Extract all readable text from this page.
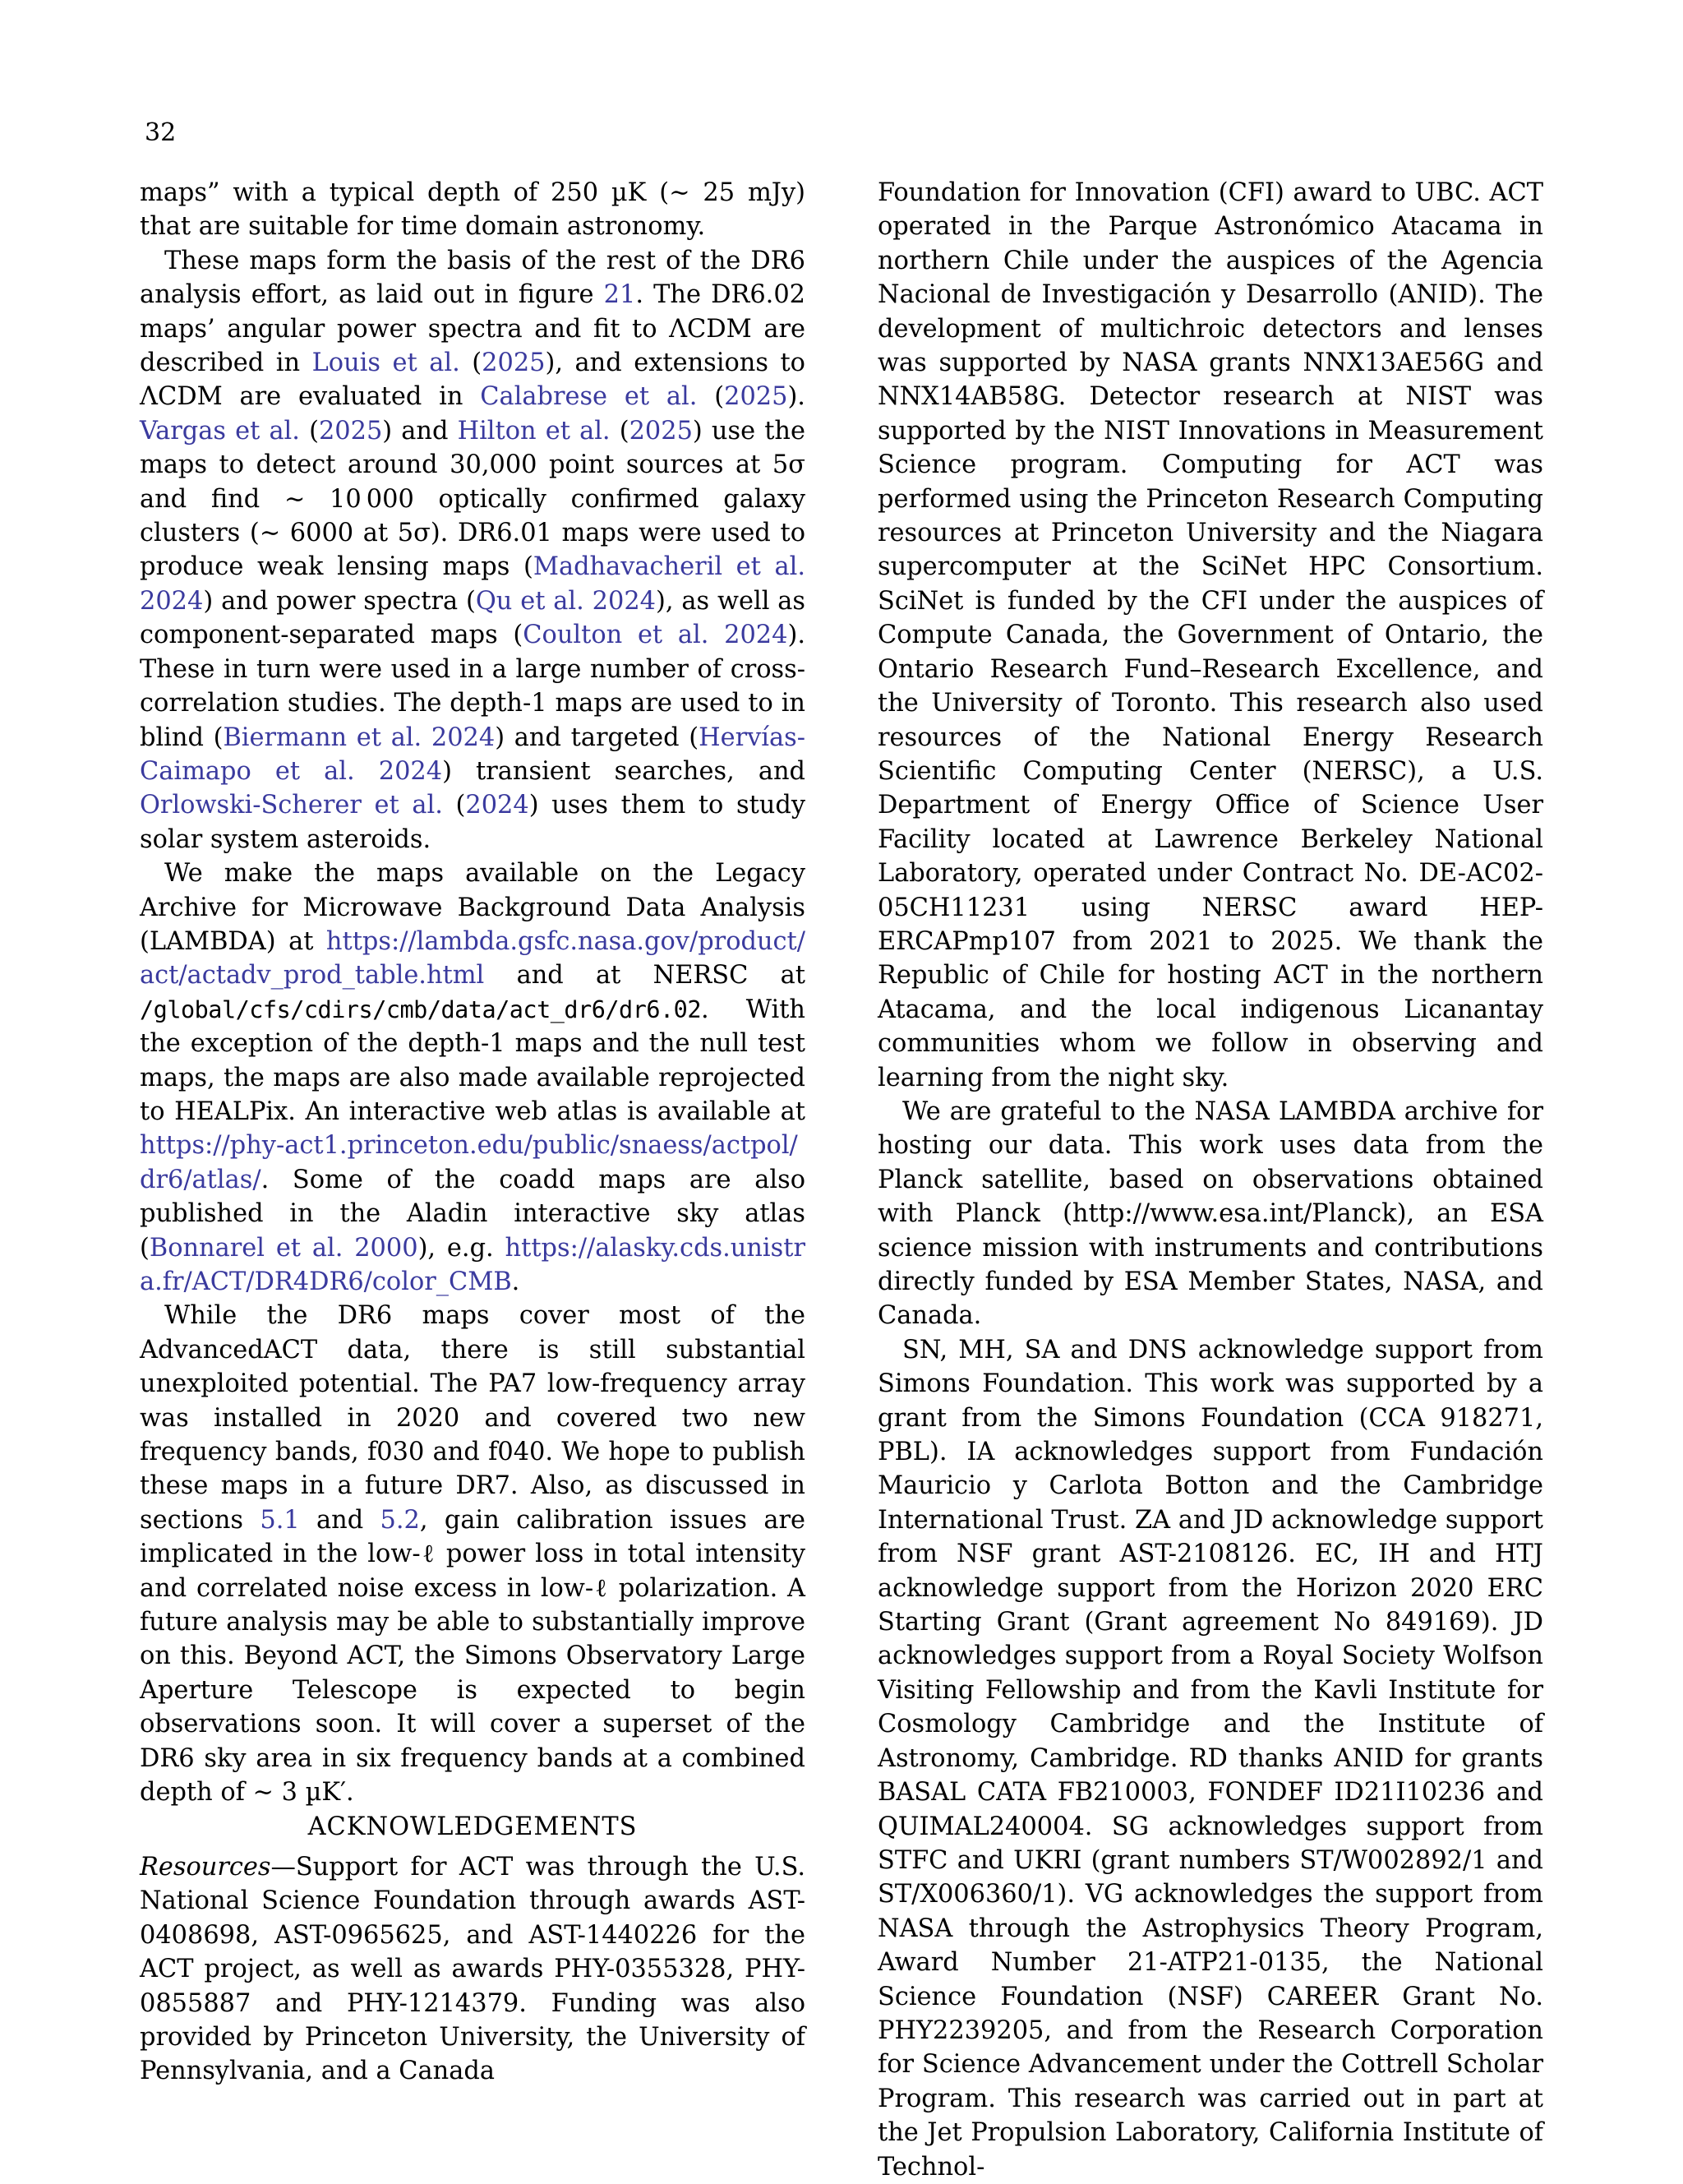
32

maps” with a typical depth of 250 µK (∼ 25 mJy) that are suitable for time domain astronomy.

These maps form the basis of the rest of the DR6 analysis effort, as laid out in figure 21. The DR6.02 maps’ angular power spectra and fit to ΛCDM are described in Louis et al. (2025), and extensions to ΛCDM are evaluated in Calabrese et al. (2025). Vargas et al. (2025) and Hilton et al. (2025) use the maps to detect around 30,000 point sources at 5σ and find ∼ 10 000 optically confirmed galaxy clusters (∼ 6000 at 5σ). DR6.01 maps were used to produce weak lensing maps (Madhavacheril et al. 2024) and power spectra (Qu et al. 2024), as well as component-separated maps (Coulton et al. 2024). These in turn were used in a large number of cross-correlation studies. The depth-1 maps are used to in blind (Biermann et al. 2024) and targeted (Hervías-Caimapo et al. 2024) transient searches, and Orlowski-Scherer et al. (2024) uses them to study solar system asteroids.

We make the maps available on the Legacy Archive for Microwave Background Data Analysis (LAMBDA) at https://lambda.gsfc.nasa.gov/product/act/actadv_prod_table.html and at NERSC at /global/cfs/cdirs/cmb/data/act_dr6/dr6.02. With the exception of the depth-1 maps and the null test maps, the maps are also made available reprojected to HEALPix. An interactive web atlas is available at https://phy-act1.princeton.edu/public/snaess/actpol/dr6/atlas/. Some of the coadd maps are also published in the Aladin interactive sky atlas (Bonnarel et al. 2000), e.g. https://alasky.cds.unistra.fr/ACT/DR4DR6/color_CMB.

While the DR6 maps cover most of the AdvancedACT data, there is still substantial unexploited potential. The PA7 low-frequency array was installed in 2020 and covered two new frequency bands, f030 and f040. We hope to publish these maps in a future DR7. Also, as discussed in sections 5.1 and 5.2, gain calibration issues are implicated in the low-ℓ power loss in total intensity and correlated noise excess in low-ℓ polarization. A future analysis may be able to substantially improve on this. Beyond ACT, the Simons Observatory Large Aperture Telescope is expected to begin observations soon. It will cover a superset of the DR6 sky area in six frequency bands at a combined depth of ∼ 3 µK′.

ACKNOWLEDGEMENTS

Resources—Support for ACT was through the U.S. National Science Foundation through awards AST-0408698, AST-0965625, and AST-1440226 for the ACT project, as well as awards PHY-0355328, PHY-0855887 and PHY-1214379. Funding was also provided by Princeton University, the University of Pennsylvania, and a Canada

Foundation for Innovation (CFI) award to UBC. ACT operated in the Parque Astronómico Atacama in northern Chile under the auspices of the Agencia Nacional de Investigación y Desarrollo (ANID). The development of multichroic detectors and lenses was supported by NASA grants NNX13AE56G and NNX14AB58G. Detector research at NIST was supported by the NIST Innovations in Measurement Science program. Computing for ACT was performed using the Princeton Research Computing resources at Princeton University and the Niagara supercomputer at the SciNet HPC Consortium. SciNet is funded by the CFI under the auspices of Compute Canada, the Government of Ontario, the Ontario Research Fund–Research Excellence, and the University of Toronto. This research also used resources of the National Energy Research Scientific Computing Center (NERSC), a U.S. Department of Energy Office of Science User Facility located at Lawrence Berkeley National Laboratory, operated under Contract No. DE-AC02-05CH11231 using NERSC award HEP-ERCAPmp107 from 2021 to 2025. We thank the Republic of Chile for hosting ACT in the northern Atacama, and the local indigenous Licanantay communities whom we follow in observing and learning from the night sky.

We are grateful to the NASA LAMBDA archive for hosting our data. This work uses data from the Planck satellite, based on observations obtained with Planck (http://www.esa.int/Planck), an ESA science mission with instruments and contributions directly funded by ESA Member States, NASA, and Canada.

SN, MH, SA and DNS acknowledge support from Simons Foundation. This work was supported by a grant from the Simons Foundation (CCA 918271, PBL). IA acknowledges support from Fundación Mauricio y Carlota Botton and the Cambridge International Trust. ZA and JD acknowledge support from NSF grant AST-2108126. EC, IH and HTJ acknowledge support from the Horizon 2020 ERC Starting Grant (Grant agreement No 849169). JD acknowledges support from a Royal Society Wolfson Visiting Fellowship and from the Kavli Institute for Cosmology Cambridge and the Institute of Astronomy, Cambridge. RD thanks ANID for grants BASAL CATA FB210003, FONDEF ID21I10236 and QUIMAL240004. SG acknowledges support from STFC and UKRI (grant numbers ST/W002892/1 and ST/X006360/1). VG acknowledges the support from NASA through the Astrophysics Theory Program, Award Number 21-ATP21-0135, the National Science Foundation (NSF) CAREER Grant No. PHY2239205, and from the Research Corporation for Science Advancement under the Cottrell Scholar Program. This research was carried out in part at the Jet Propulsion Laboratory, California Institute of Technol-
